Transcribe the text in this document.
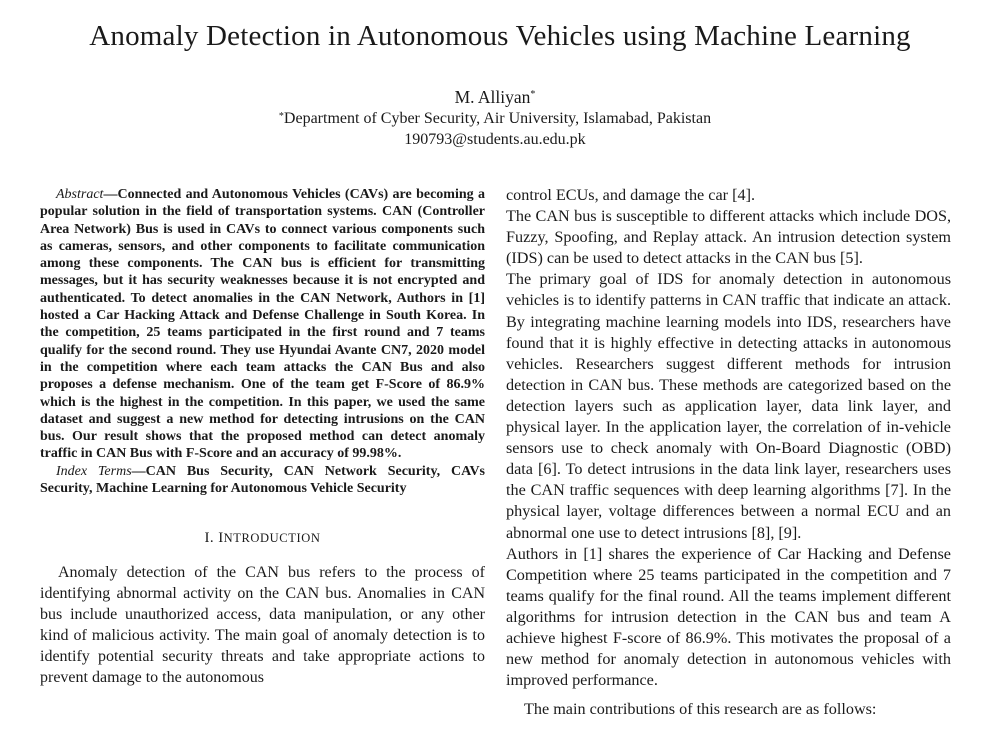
Anomaly Detection in Autonomous Vehicles using Machine Learning
M. Alliyan*
*Department of Cyber Security, Air University, Islamabad, Pakistan
190793@students.au.edu.pk

Abstract—Connected and Autonomous Vehicles (CAVs) are becoming a popular solution in the field of transportation systems. CAN (Controller Area Network) Bus is used in CAVs to connect various components such as cameras, sensors, and other components to facilitate communication among these components. The CAN bus is efficient for transmitting messages, but it has security weaknesses because it is not encrypted and authenticated. To detect anomalies in the CAN Network, Authors in [1] hosted a Car Hacking Attack and Defense Challenge in South Korea. In the competition, 25 teams participated in the first round and 7 teams qualify for the second round. They use Hyundai Avante CN7, 2020 model in the competition where each team attacks the CAN Bus and also proposes a defense mechanism. One of the team get F-Score of 86.9% which is the highest in the competition. In this paper, we used the same dataset and suggest a new method for detecting intrusions on the CAN bus. Our result shows that the proposed method can detect anomaly traffic in CAN Bus with F-Score and an accuracy of 99.98%.

Index Terms—CAN Bus Security, CAN Network Security, CAVs Security, Machine Learning for Autonomous Vehicle Security

I. INTRODUCTION

Anomaly detection of the CAN bus refers to the process of identifying abnormal activity on the CAN bus. Anomalies in CAN bus include unauthorized access, data manipulation, or any other kind of malicious activity. The main goal of anomaly detection is to identify potential security threats and take appropriate actions to prevent damage to the autonomous

control ECUs, and damage the car [4].

The CAN bus is susceptible to different attacks which include DOS, Fuzzy, Spoofing, and Replay attack. An intrusion detection system (IDS) can be used to detect attacks in the CAN bus [5].

The primary goal of IDS for anomaly detection in autonomous vehicles is to identify patterns in CAN traffic that indicate an attack. By integrating machine learning models into IDS, researchers have found that it is highly effective in detecting attacks in autonomous vehicles. Researchers suggest different methods for intrusion detection in CAN bus. These methods are categorized based on the detection layers such as application layer, data link layer, and physical layer. In the application layer, the correlation of in-vehicle sensors use to check anomaly with On-Board Diagnostic (OBD) data [6]. To detect intrusions in the data link layer, researchers uses the CAN traffic sequences with deep learning algorithms [7]. In the physical layer, voltage differences between a normal ECU and an abnormal one use to detect intrusions [8], [9].

Authors in [1] shares the experience of Car Hacking and Defense Competition where 25 teams participated in the competition and 7 teams qualify for the final round. All the teams implement different algorithms for intrusion detection in the CAN bus and team A achieve highest F-score of 86.9%. This motivates the proposal of a new method for anomaly detection in autonomous vehicles with improved performance.

The main contributions of this research are as follows:
